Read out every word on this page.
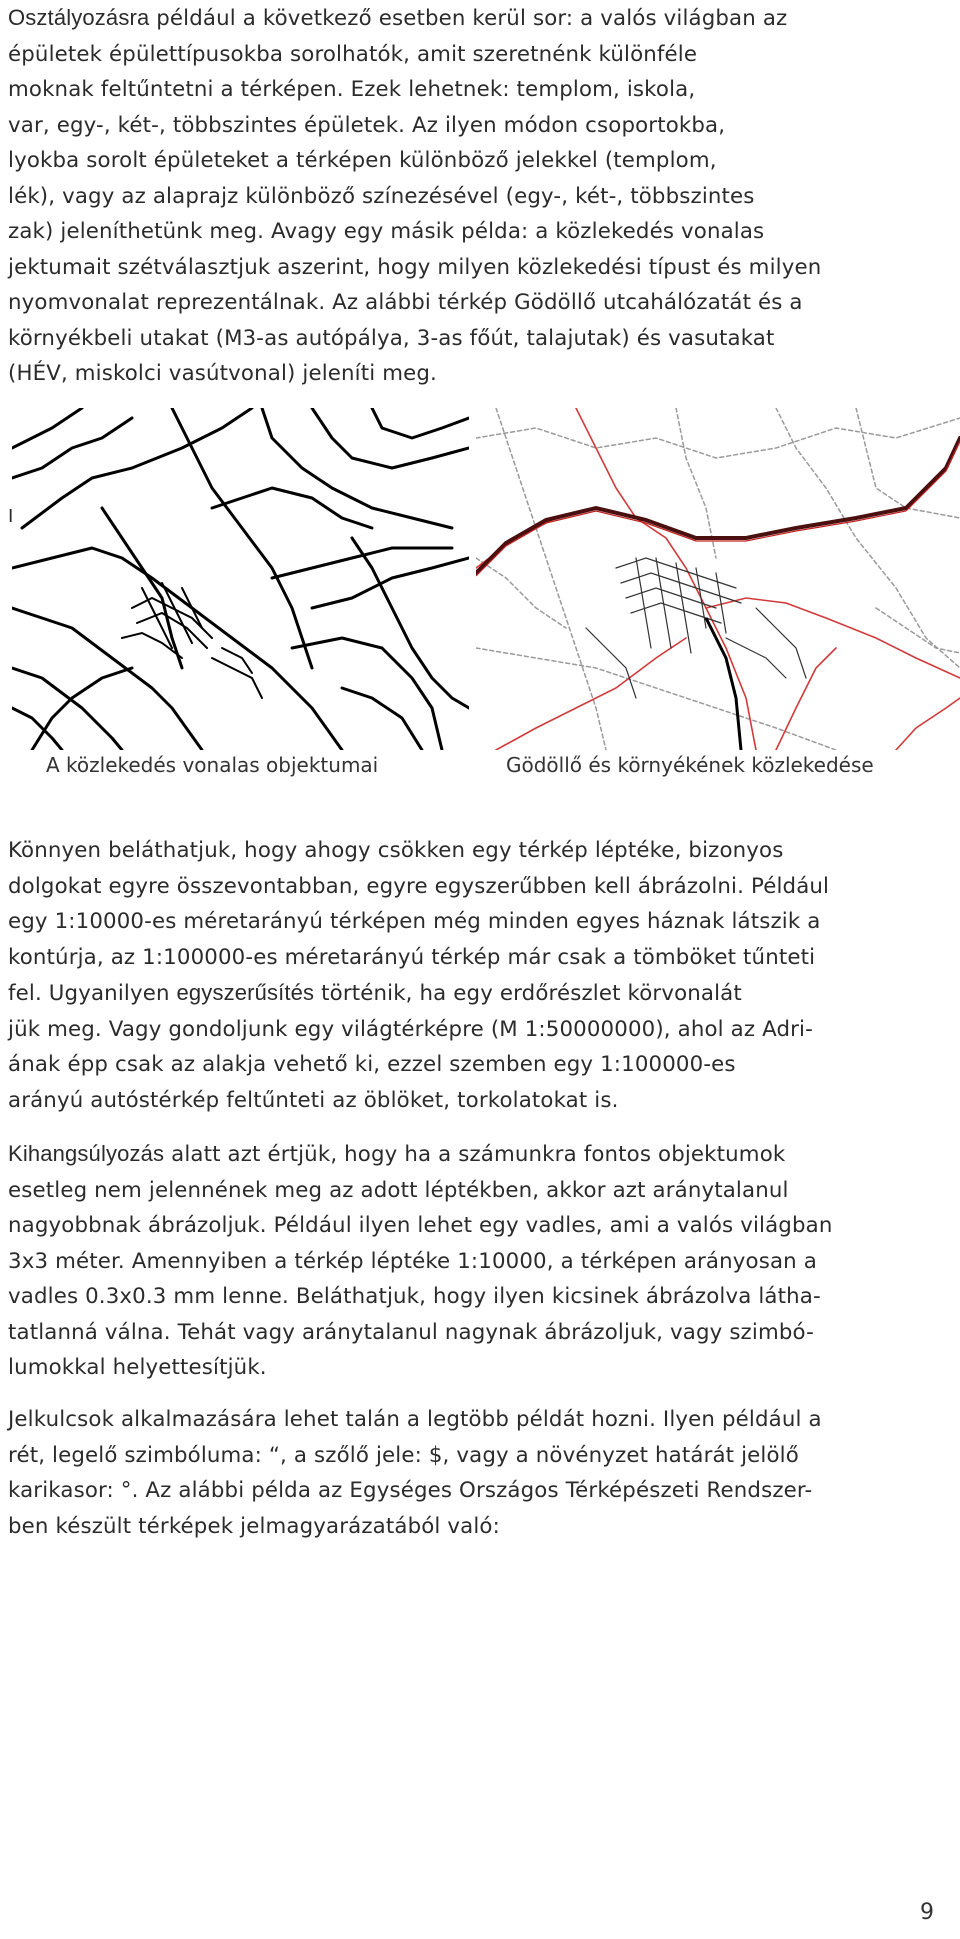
Osztályozásra például a következő esetben kerül sor: a valós világban az
épületek épülettípusokba sorolhatók, amit szeretnénk különféle
moknak feltűntetni a térképen. Ezek lehetnek: templom, iskola,
var, egy-, két-, többszintes épületek. Az ilyen módon csoportokba,
lyokba sorolt épületeket a térképen különböző jelekkel (templom,
lék), vagy az alaprajz különböző színezésével (egy-, két-, többszintes
zak) jeleníthetünk meg. Avagy egy másik példa: a közlekedés vonalas
jektumait szétválasztjuk aszerint, hogy milyen közlekedési típust és milyen
nyomvonalat reprezentálnak. Az alábbi térkép Gödöllő utcahálózatát és a
környékbeli utakat (M3-as autópálya, 3-as főút, talajutak) és vasutakat
(HÉV, miskolci vasútvonal) jeleníti meg.
I
A közlekedés vonalas objektumai	Gödöllő és környékének közlekedése
Könnyen beláthatjuk, hogy ahogy csökken egy térkép léptéke, bizonyos
dolgokat egyre összevontabban, egyre egyszerűbben kell ábrázolni. Például
egy 1:10000-es méretarányú térképen még minden egyes háznak látszik a
kontúrja, az 1:100000-es méretarányú térkép már csak a tömböket tűnteti
fel. Ugyanilyen egyszerűsítés történik, ha egy erdőrészlet körvonalát
jük meg. Vagy gondoljunk egy világtérképre (M 1:50000000), ahol az Adri-
ának épp csak az alakja vehető ki, ezzel szemben egy 1:100000-es
arányú autóstérkép feltűnteti az öblöket, torkolatokat is.
Kihangsúlyozás alatt azt értjük, hogy ha a számunkra fontos objektumok
esetleg nem jelennének meg az adott léptékben, akkor azt aránytalanul
nagyobbnak ábrázoljuk. Például ilyen lehet egy vadles, ami a valós világban
3x3 méter. Amennyiben a térkép léptéke 1:10000, a térképen arányosan a
vadles 0.3x0.3 mm lenne. Beláthatjuk, hogy ilyen kicsinek ábrázolva látha-
tatlanná válna. Tehát vagy aránytalanul nagynak ábrázoljuk, vagy szimbó-
lumokkal helyettesítjük.
Jelkulcsok alkalmazására lehet talán a legtöbb példát hozni. Ilyen például a
rét, legelő szimbóluma: “, a szőlő jele: $, vagy a növényzet határát jelölő
karikasor: °. Az alábbi példa az Egységes Országos Térképészeti Rendszer-
ben készült térképek jelmagyarázatából való:
9
